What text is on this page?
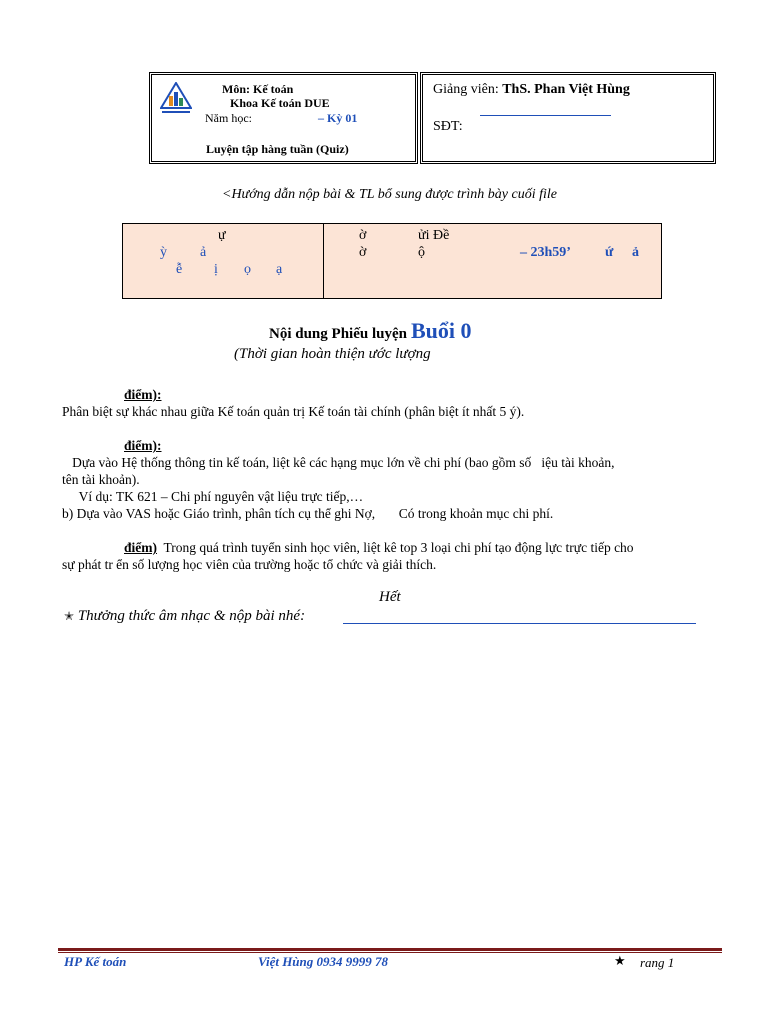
Môn: Kế toán
Khoa Kế toán DUE
Năm học:	– Kỳ 01
Luyện tập hàng tuần (Quiz)
Giảng viên: ThS. Phan Việt Hùng
SĐT:
<Hướng dẫn nộp bài & TL bổ sung được trình bày cuối file
ự
ỳ ả
ễ ị ọ ạ
ờ	ửi Đề
ờ	ộ	– 23h59’ ứ ả
Nội dung Phiếu luyện Buổi 0
(Thời gian hoàn thiện ước lượng
điểm):
Phân biệt sự khác nhau giữa Kế toán quản trị Kế toán tài chính (phân biệt ít nhất 5 ý).
điểm):
Dựa vào Hệ thống thông tin kế toán, liệt kê các hạng mục lớn về chi phí (bao gồm số   iệu tài khoản,
tên tài khoản).
Ví dụ: TK 621 – Chi phí nguyên vật liệu trực tiếp,…
b) Dựa vào VAS hoặc Giáo trình, phân tích cụ thể ghi Nợ,       Có trong khoản mục chi phí.
điểm)  Trong quá trình tuyển sinh học viên, liệt kê top 3 loại chi phí tạo động lực trực tiếp cho
sự phát tr ển số lượng học viên của trường hoặc tổ chức và giải thích.
Hết
✭ Thưởng thức âm nhạc & nộp bài nhé:
HP Kế toán	Việt Hùng 0934 9999 78	★ rang 1
